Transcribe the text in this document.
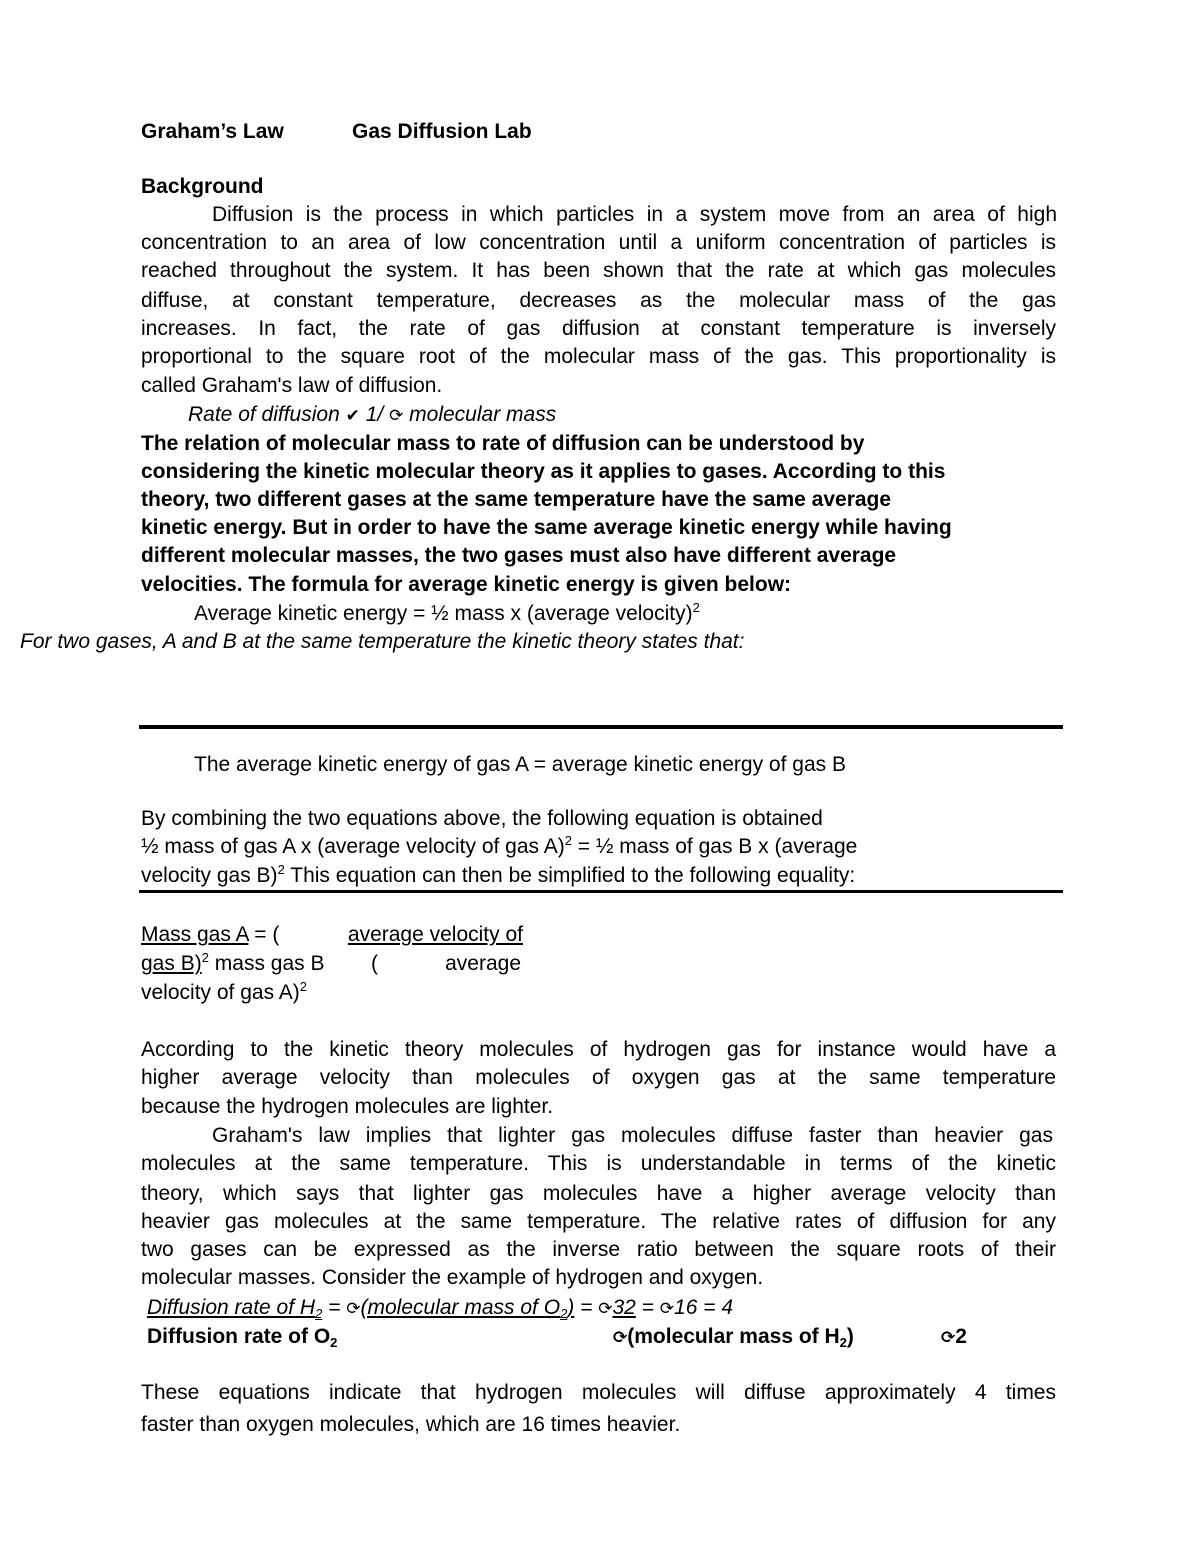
Graham’s Law	Gas Diffusion Lab
Background
Diffusion is the process in which particles in a system move from an area of high
concentration to an area of low concentration until a uniform concentration of particles is
reached throughout the system. It has been shown that the rate at which gas molecules
diffuse, at constant temperature, decreases as the molecular mass of the gas
increases. In fact, the rate of gas diffusion at constant temperature is inversely
proportional to the square root of the molecular mass of the gas. This proportionality is
called Graham's law of diffusion.
Rate of diffusion ✔ 1/ ⟳ molecular mass
The relation of molecular mass to rate of diffusion can be understood by
considering the kinetic molecular theory as it applies to gases. According to this
theory, two different gases at the same temperature have the same average
kinetic energy. But in order to have the same average kinetic energy while having
different molecular masses, the two gases must also have different average
velocities. The formula for average kinetic energy is given below:
Average kinetic energy = ½ mass x (average velocity)$^2$
For two gases, A and B at the same temperature the kinetic theory states that:
The average kinetic energy of gas A = average kinetic energy of gas B
By combining the two equations above, the following equation is obtained
½ mass of gas A x (average velocity of gas A)$^2$ = ½ mass of gas B x (average
velocity gas B)$^2$ This equation can then be simplified to the following equality:
Mass gas A = (	average velocity of
gas B)$^2$ mass gas B (	average
velocity of gas A)$^2$
According to the kinetic theory molecules of hydrogen gas for instance would have a
higher average velocity than molecules of oxygen gas at the same temperature
because the hydrogen molecules are lighter.
Graham's law implies that lighter gas molecules diffuse faster than heavier gas
molecules at the same temperature. This is understandable in terms of the kinetic
theory, which says that lighter gas molecules have a higher average velocity than
heavier gas molecules at the same temperature. The relative rates of diffusion for any
two gases can be expressed as the inverse ratio between the square roots of their
molecular masses. Consider the example of hydrogen and oxygen.
Diffusion rate of $H_2$ = ⟳(molecular mass of $O_2$) = ⟳32 = ⟳16 = 4
Diffusion rate of $O_2$	⟳(molecular mass of $H_2$)	⟳2
These equations indicate that hydrogen molecules will diffuse approximately 4 times
faster than oxygen molecules, which are 16 times heavier.
